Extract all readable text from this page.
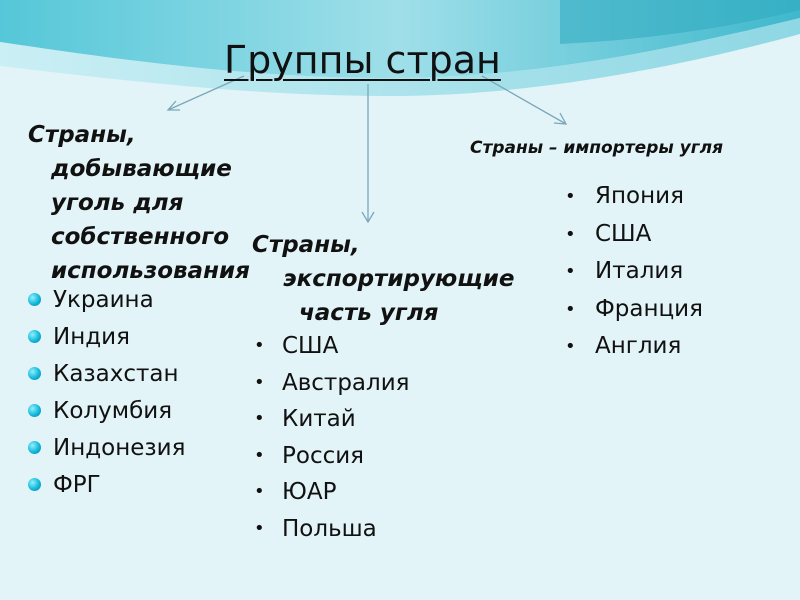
Группы стран
Страны,
добывающие
уголь для
собственного
использования
Украина
Индия
Казахстан
Колумбия
Индонезия
ФРГ
Страны,
экспортирующие
часть угля
• США
• Австралия
• Китай
• Россия
• ЮАР
• Польша
Страны – импортеры угля
• Япония
• США
• Италия
• Франция
• Англия
